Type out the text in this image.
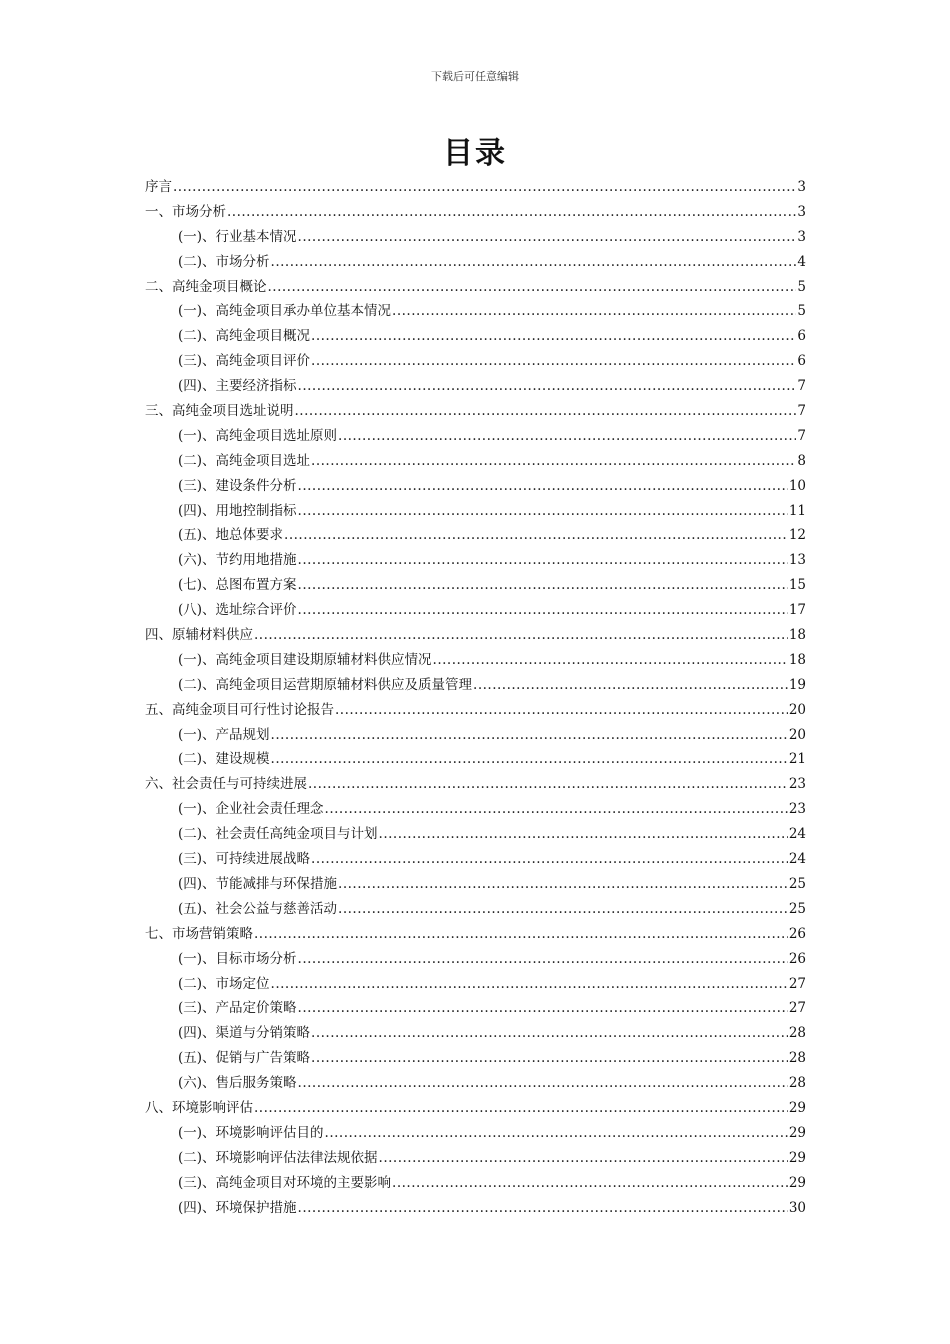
下载后可任意编辑
目录
序言 .....	3
一、市场分析 .....	3
(一)、行业基本情况 .....	3
(二)、市场分析 .....	4
二、高纯金项目概论 .....	5
(一)、高纯金项目承办单位基本情况 .....	5
(二)、高纯金项目概况 .....	6
(三)、高纯金项目评价 .....	6
(四)、主要经济指标 .....	7
三、高纯金项目选址说明 .....	7
(一)、高纯金项目选址原则 .....	7
(二)、高纯金项目选址 .....	8
(三)、建设条件分析 .....	10
(四)、用地控制指标 .....	11
(五)、地总体要求 .....	12
(六)、节约用地措施 .....	13
(七)、总图布置方案 .....	15
(八)、选址综合评价 .....	17
四、原辅材料供应 .....	18
(一)、高纯金项目建设期原辅材料供应情况 .....	18
(二)、高纯金项目运营期原辅材料供应及质量管理 .....	19
五、高纯金项目可行性讨论报告 .....	20
(一)、产品规划 .....	20
(二)、建设规模 .....	21
六、社会责任与可持续进展 .....	23
(一)、企业社会责任理念 .....	23
(二)、社会责任高纯金项目与计划 .....	24
(三)、可持续进展战略 .....	24
(四)、节能减排与环保措施 .....	25
(五)、社会公益与慈善活动 .....	25
七、市场营销策略 .....	26
(一)、目标市场分析 .....	26
(二)、市场定位 .....	27
(三)、产品定价策略 .....	27
(四)、渠道与分销策略 .....	28
(五)、促销与广告策略 .....	28
(六)、售后服务策略 .....	28
八、环境影响评估 .....	29
(一)、环境影响评估目的 .....	29
(二)、环境影响评估法律法规依据 .....	29
(三)、高纯金项目对环境的主要影响 .....	29
(四)、环境保护措施 .....	30
